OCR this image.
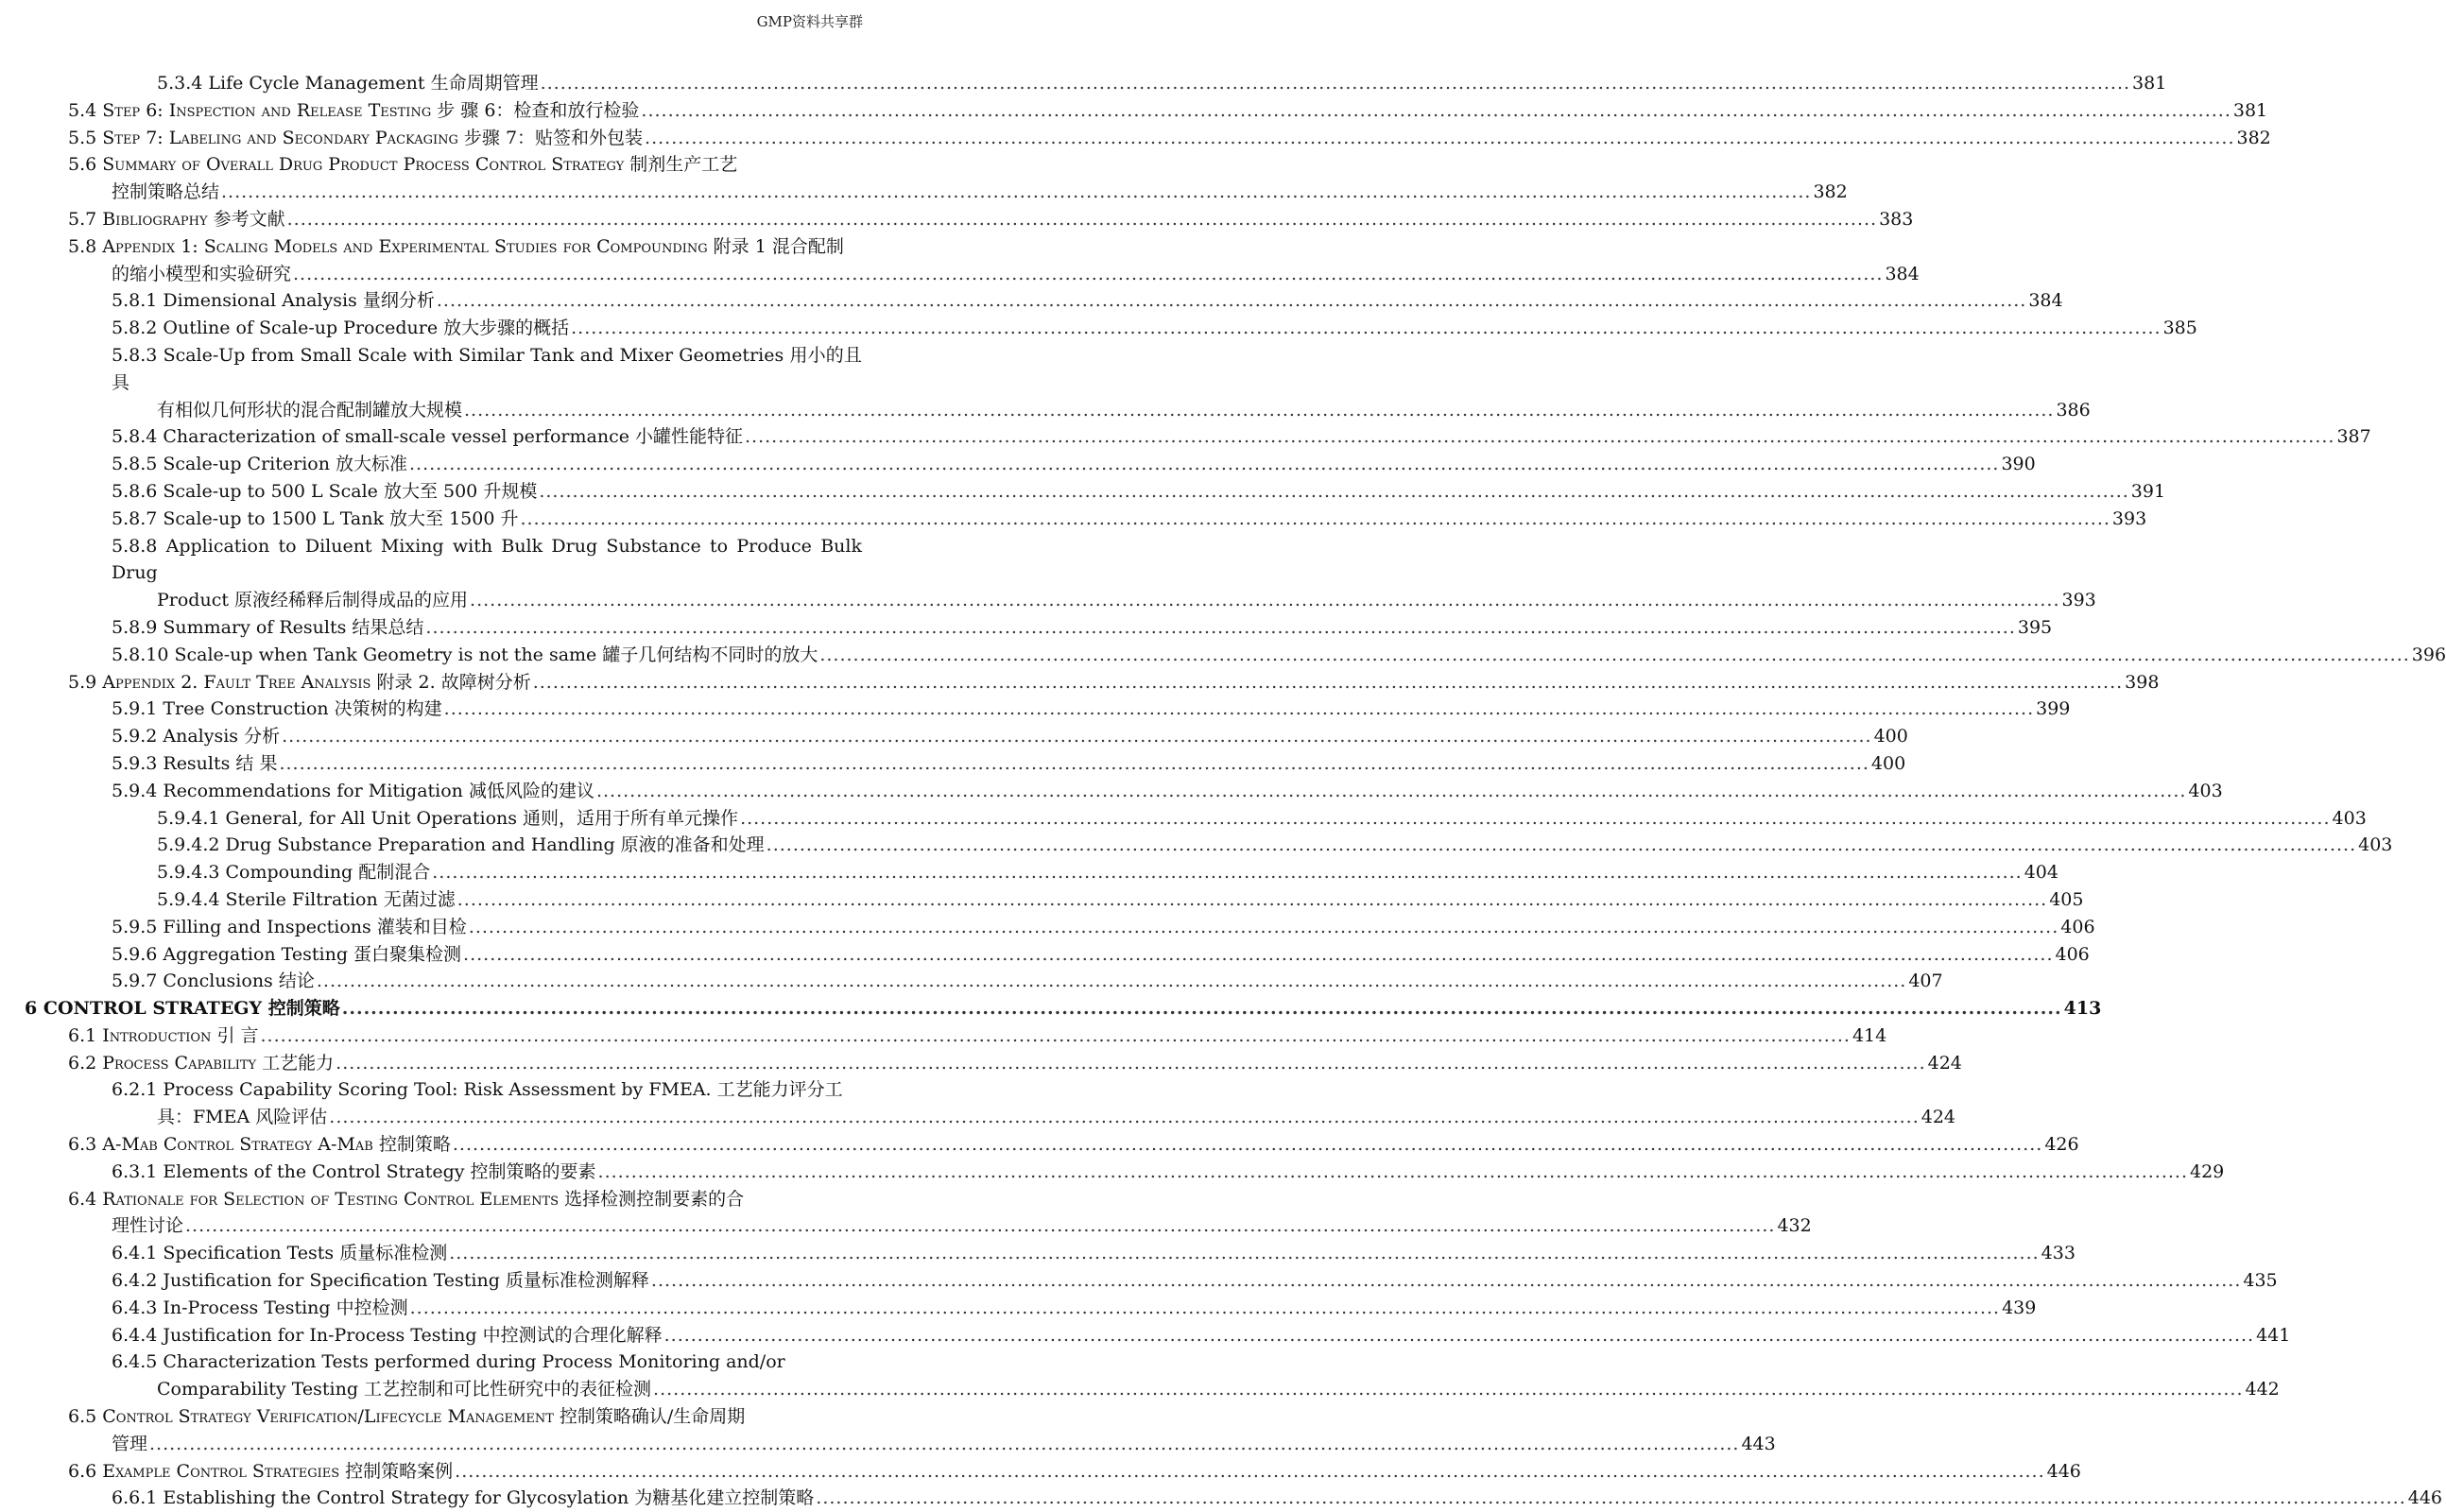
GMP资料共享群
5.3.4 Life Cycle Management 生命周期管理 .....	381
5.4 Step 6: Inspection and Release Testing 步 骤 6：检查和放行检验 .....	381
5.5 Step 7: Labeling and Secondary Packaging 步骤 7：贴签和外包装 .....	382
5.6 Summary of Overall Drug Product Process Control Strategy 制剂生产工艺
控制策略总结 .....	382
5.7 Bibliography 参考文献 .....	383
5.8 Appendix 1: Scaling Models and Experimental Studies for Compounding 附录 1 混合配制
的缩小模型和实验研究 .....	384
5.8.1 Dimensional Analysis 量纲分析 .....	384
5.8.2 Outline of Scale-up Procedure 放大步骤的概括 .....	385
5.8.3 Scale-Up from Small Scale with Similar Tank and Mixer Geometries 用小的且具
有相似几何形状的混合配制罐放大规模 .....	386
5.8.4 Characterization of small-scale vessel performance 小罐性能特征 .....	387
5.8.5 Scale-up Criterion 放大标准 .....	390
5.8.6 Scale-up to 500 L Scale 放大至 500 升规模 .....	391
5.8.7 Scale-up to 1500 L Tank 放大至 1500 升 .....	393
5.8.8 Application to Diluent Mixing with Bulk Drug Substance to Produce Bulk Drug
Product 原液经稀释后制得成品的应用 .....	393
5.8.9 Summary of Results 结果总结 .....	395
5.8.10 Scale-up when Tank Geometry is not the same 罐子几何结构不同时的放大 .....	396
5.9 Appendix 2. Fault Tree Analysis 附录 2. 故障树分析 .....	398
5.9.1 Tree Construction 决策树的构建 .....	399
5.9.2 Analysis 分析 .....	400
5.9.3 Results 结 果 .....	400
5.9.4 Recommendations for Mitigation 减低风险的建议 .....	403
5.9.4.1 General, for All Unit Operations 通则，适用于所有单元操作 .....	403
5.9.4.2 Drug Substance Preparation and Handling 原液的准备和处理 .....	403
5.9.4.3 Compounding 配制混合 .....	404
5.9.4.4 Sterile Filtration 无菌过滤 .....	405
5.9.5 Filling and Inspections 灌装和目检 .....	406
5.9.6 Aggregation Testing 蛋白聚集检测 .....	406
5.9.7 Conclusions 结论 .....	407
6 CONTROL STRATEGY 控制策略 .....	413
6.1 Introduction 引 言 .....	414
6.2 Process Capability 工艺能力 .....	424
6.2.1 Process Capability Scoring Tool: Risk Assessment by FMEA. 工艺能力评分工
具：FMEA 风险评估 .....	424
6.3 A-Mab Control Strategy A-Mab 控制策略 .....	426
6.3.1 Elements of the Control Strategy 控制策略的要素 .....	429
6.4 Rationale for Selection of Testing Control Elements 选择检测控制要素的合
理性讨论 .....	432
6.4.1 Specification Tests 质量标准检测 .....	433
6.4.2 Justification for Specification Testing 质量标准检测解释 .....	435
6.4.3 In-Process Testing 中控检测 .....	439
6.4.4 Justification for In-Process Testing 中控测试的合理化解释 .....	441
6.4.5 Characterization Tests performed during Process Monitoring and/or
Comparability Testing 工艺控制和可比性研究中的表征检测 .....	442
6.5 Control Strategy Verification/Lifecycle Management 控制策略确认/生命周期
管理 .....	443
6.6 Example Control Strategies 控制策略案例 .....	446
6.6.1 Establishing the Control Strategy for Glycosylation 为糖基化建立控制策略 .....	446
